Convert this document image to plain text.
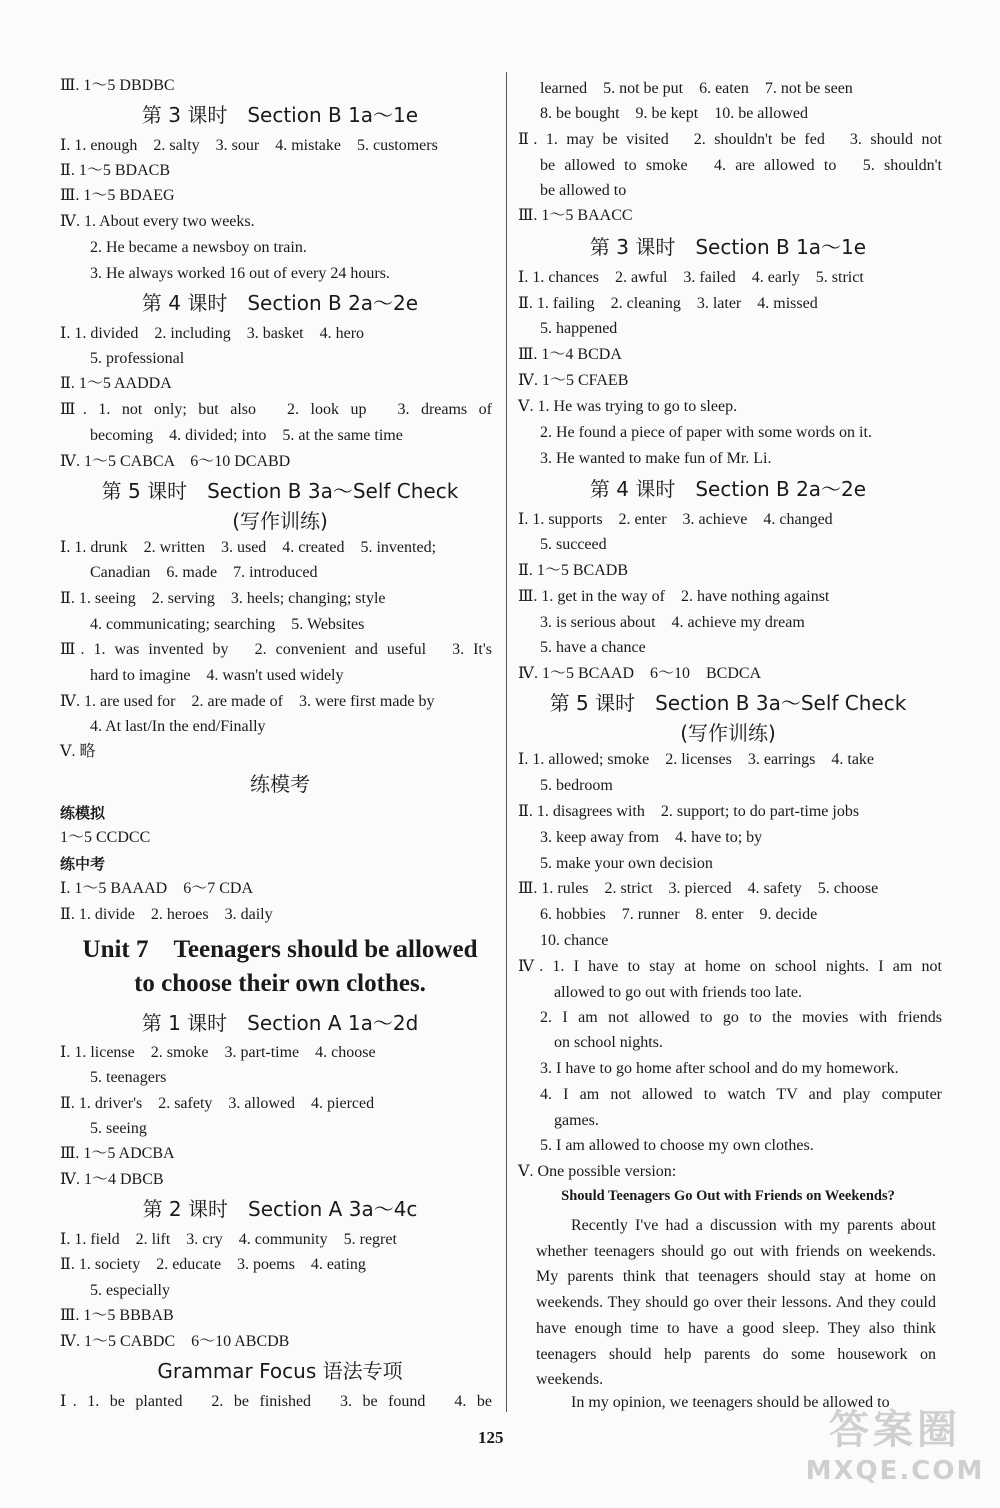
Ⅲ. 1～5 DBDBC
第 3 课时　Section B 1a～1e
Ⅰ. 1. enough　2. salty　3. sour　4. mistake　5. customers
Ⅱ. 1～5 BDACB
Ⅲ. 1～5 BDAEG
Ⅳ. 1. About every two weeks.
2. He became a newsboy on train.
3. He always worked 16 out of every 24 hours.
第 4 课时　Section B 2a～2e
Ⅰ. 1. divided　2. including　3. basket　4. hero
5. professional
Ⅱ. 1～5 AADDA
Ⅲ. 1. not only; but also　2. look up　3. dreams of
becoming　4. divided; into　5. at the same time
Ⅳ. 1～5 CABCA　6～10 DCABD
第 5 课时　Section B 3a～Self Check
(写作训练)
Ⅰ. 1. drunk　2. written　3. used　4. created　5. invented;
Canadian　6. made　7. introduced
Ⅱ. 1. seeing　2. serving　3. heels; changing; style
4. communicating; searching　5. Websites
Ⅲ. 1. was invented by　2. convenient and useful　3. It's
hard to imagine　4. wasn't used widely
Ⅳ. 1. are used for　2. are made of　3. were first made by
4. At last/In the end/Finally
Ⅴ. 略
练模考
练模拟
1～5 CCDCC
练中考
Ⅰ. 1～5 BAAAD　6～7 CDA
Ⅱ. 1. divide　2. heroes　3. daily
Unit 7　Teenagers should be allowed
to choose their own clothes.
第 1 课时　Section A 1a～2d
Ⅰ. 1. license　2. smoke　3. part-time　4. choose
5. teenagers
Ⅱ. 1. driver's　2. safety　3. allowed　4. pierced
5. seeing
Ⅲ. 1～5 ADCBA
Ⅳ. 1～4 DBCB
第 2 课时　Section A 3a～4c
Ⅰ. 1. field　2. lift　3. cry　4. community　5. regret
Ⅱ. 1. society　2. educate　3. poems　4. eating
5. especially
Ⅲ. 1～5 BBBAB
Ⅳ. 1～5 CABDC　6～10 ABCDB
Grammar Focus 语法专项
Ⅰ. 1. be planted　2. be finished　3. be found　4. be
learned　5. not be put　6. eaten　7. not be seen
8. be bought　9. be kept　10. be allowed
Ⅱ. 1. may be visited　2. shouldn't be fed　3. should not
be allowed to smoke　4. are allowed to　5. shouldn't
be allowed to
Ⅲ. 1～5 BAACC
第 3 课时　Section B 1a～1e
Ⅰ. 1. chances　2. awful　3. failed　4. early　5. strict
Ⅱ. 1. failing　2. cleaning　3. later　4. missed
5. happened
Ⅲ. 1～4 BCDA
Ⅳ. 1～5 CFAEB
Ⅴ. 1. He was trying to go to sleep.
2. He found a piece of paper with some words on it.
3. He wanted to make fun of Mr. Li.
第 4 课时　Section B 2a～2e
Ⅰ. 1. supports　2. enter　3. achieve　4. changed
5. succeed
Ⅱ. 1～5 BCADB
Ⅲ. 1. get in the way of　2. have nothing against
3. is serious about　4. achieve my dream
5. have a chance
Ⅳ. 1～5 BCAAD　6～10　BCDCA
第 5 课时　Section B 3a～Self Check
(写作训练)
Ⅰ. 1. allowed; smoke　2. licenses　3. earrings　4. take
5. bedroom
Ⅱ. 1. disagrees with　2. support; to do part-time jobs
3. keep away from　4. have to; by
5. make your own decision
Ⅲ. 1. rules　2. strict　3. pierced　4. safety　5. choose
6. hobbies　7. runner　8. enter　9. decide
10. chance
Ⅳ. 1. I have to stay at home on school nights. I am not
allowed to go out with friends too late.
2. I am not allowed to go to the movies with friends
on school nights.
3. I have to go home after school and do my homework.
4. I am not allowed to watch TV and play computer
games.
5. I am allowed to choose my own clothes.
Ⅴ. One possible version:
Should Teenagers Go Out with Friends on Weekends?
Recently I've had a discussion with my parents about whether teenagers should go out with friends on weekends. My parents think that teenagers should stay at home on weekends. They should go over their lessons. And they could have enough time to have a good sleep. They also think teenagers should help parents do some housework on weekends.
In my opinion, we teenagers should be allowed to
125	答案圈
MXQE.COM
